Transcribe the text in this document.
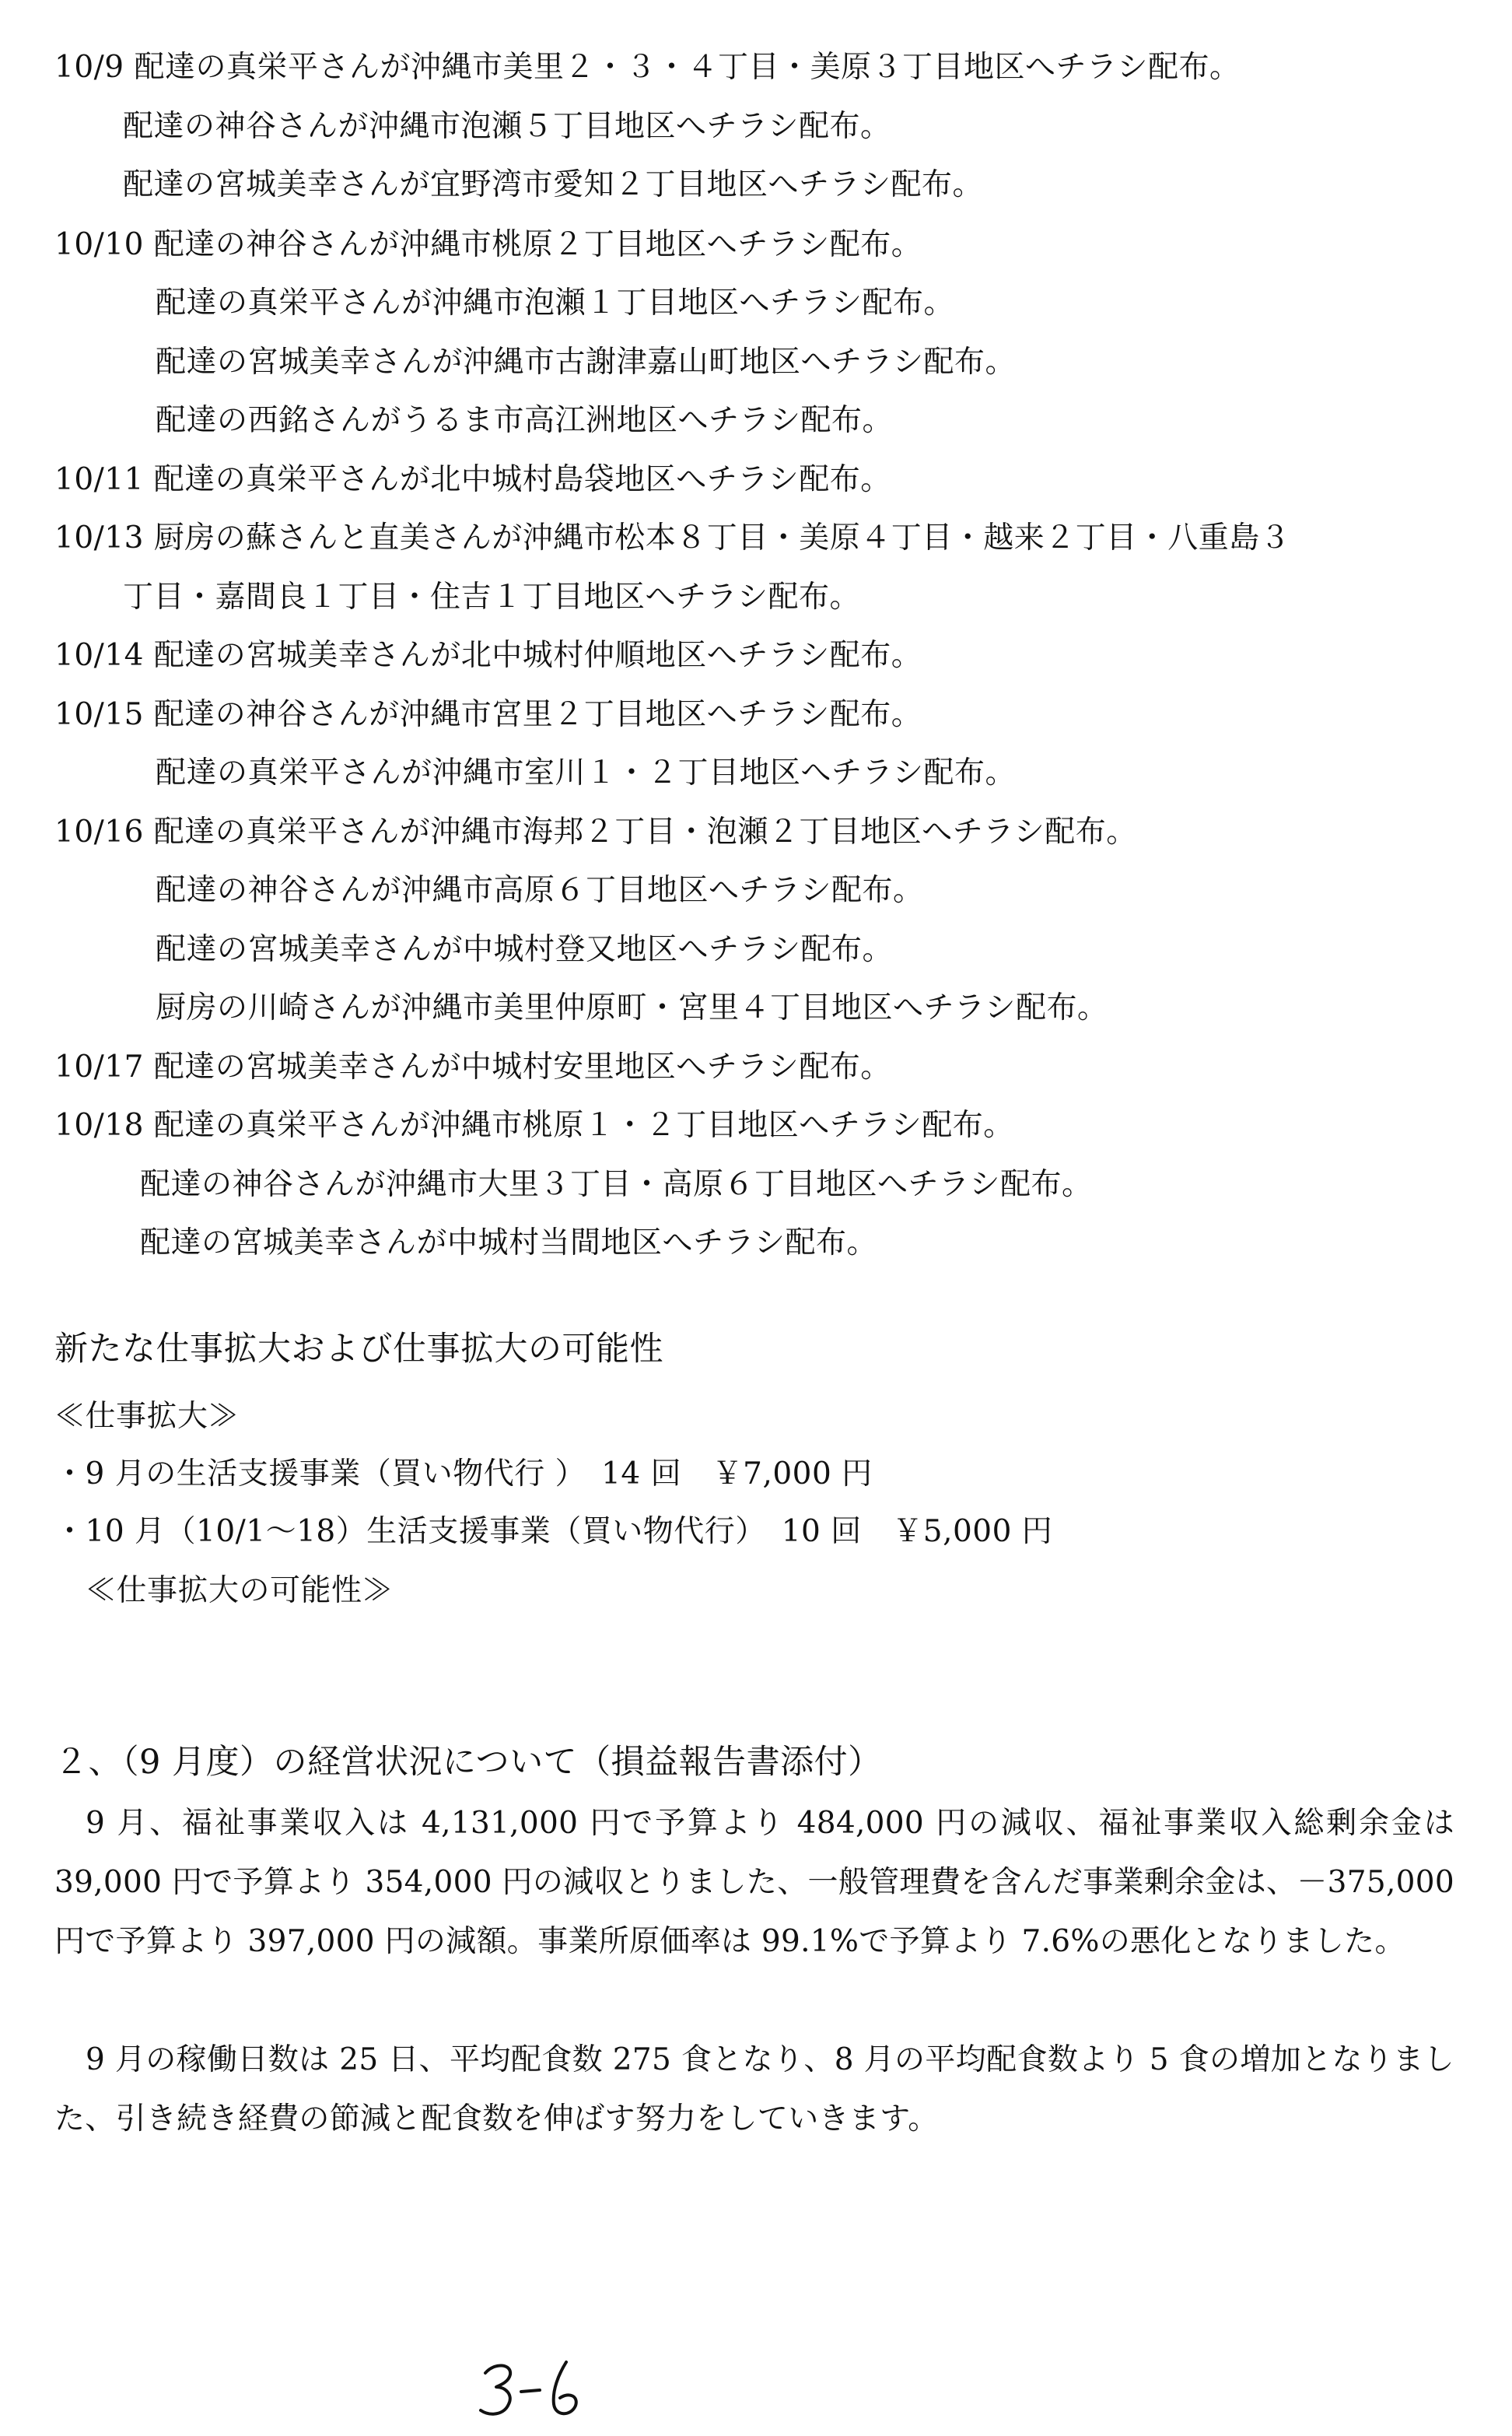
10/9 配達の真栄平さんが沖縄市美里２・３・４丁目・美原３丁目地区へチラシ配布。
配達の神谷さんが沖縄市泡瀬５丁目地区へチラシ配布。
配達の宮城美幸さんが宜野湾市愛知２丁目地区へチラシ配布。
10/10 配達の神谷さんが沖縄市桃原２丁目地区へチラシ配布。
配達の真栄平さんが沖縄市泡瀬１丁目地区へチラシ配布。
配達の宮城美幸さんが沖縄市古謝津嘉山町地区へチラシ配布。
配達の西銘さんがうるま市高江洲地区へチラシ配布。
10/11 配達の真栄平さんが北中城村島袋地区へチラシ配布。
10/13 厨房の蘇さんと直美さんが沖縄市松本８丁目・美原４丁目・越来２丁目・八重島３
丁目・嘉間良１丁目・住吉１丁目地区へチラシ配布。
10/14 配達の宮城美幸さんが北中城村仲順地区へチラシ配布。
10/15 配達の神谷さんが沖縄市宮里２丁目地区へチラシ配布。
配達の真栄平さんが沖縄市室川１・２丁目地区へチラシ配布。
10/16 配達の真栄平さんが沖縄市海邦２丁目・泡瀬２丁目地区へチラシ配布。
配達の神谷さんが沖縄市高原６丁目地区へチラシ配布。
配達の宮城美幸さんが中城村登又地区へチラシ配布。
厨房の川崎さんが沖縄市美里仲原町・宮里４丁目地区へチラシ配布。
10/17 配達の宮城美幸さんが中城村安里地区へチラシ配布。
10/18 配達の真栄平さんが沖縄市桃原１・２丁目地区へチラシ配布。
配達の神谷さんが沖縄市大里３丁目・高原６丁目地区へチラシ配布。
配達の宮城美幸さんが中城村当間地区へチラシ配布。
新たな仕事拡大および仕事拡大の可能性
≪仕事拡大≫
・9 月の生活支援事業（買い物代行 ）　14 回　￥7,000 円
・10 月（10/1～18）生活支援事業（買い物代行）　10 回　￥5,000 円
≪仕事拡大の可能性≫
２、（9 月度）の経営状況について（損益報告書添付）
9 月、福祉事業収入は 4,131,000 円で予算より 484,000 円の減収、福祉事業収入総剰余金は 39,000 円で予算より 354,000 円の減収とりました、一般管理費を含んだ事業剰余金は、－375,000 円で予算より 397,000 円の減額。事業所原価率は 99.1%で予算より 7.6%の悪化となりました。
9 月の稼働日数は 25 日、平均配食数 275 食となり、8 月の平均配食数より 5 食の増加となりました、引き続き経費の節減と配食数を伸ばす努力をしていきます。
